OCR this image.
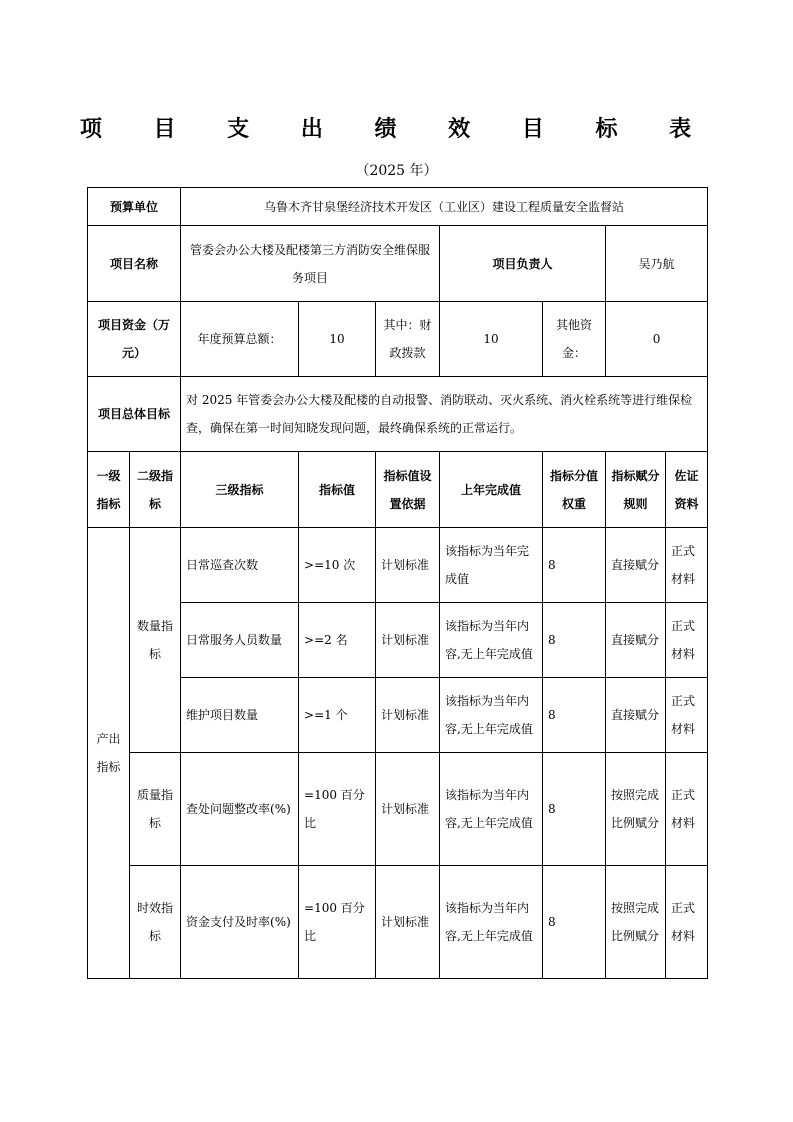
项 目 支 出 绩 效 目 标 表
（2025 年）
预算单位		乌鲁木齐甘泉堡经济技术开发区（工业区）建设工程质量安全监督站						
项目名称		管委会办公大楼及配楼第三方消防安全维保服务项目			项目负责人		吴乃航	
项目资金（万元）		年度预算总额：	10	其中：财政拨款	10	其他资金：	0	
项目总体目标		对 2025 年管委会办公大楼及配楼的自动报警、消防联动、灭火系统、消火栓系统等进行维保检查，确保在第一时间知晓发现问题，最终确保系统的正常运行。						
一级指标	二级指标	三级指标	指标值	指标值设置依据	上年完成值	指标分值权重	指标赋分规则	佐证资料
产出指标	数量指标	日常巡查次数	>=10 次	计划标准	该指标为当年完成值	8	直接赋分	正式材料
		日常服务人员数量	>=2 名	计划标准	该指标为当年内容,无上年完成值	8	直接赋分	正式材料
		维护项目数量	>=1 个	计划标准	该指标为当年内容,无上年完成值	8	直接赋分	正式材料
	质量指标	查处问题整改率(%)	=100 百分比	计划标准	该指标为当年内容,无上年完成值	8	按照完成比例赋分	正式材料
	时效指标	资金支付及时率(%)	=100 百分比	计划标准	该指标为当年内容,无上年完成值	8	按照完成比例赋分	正式材料
